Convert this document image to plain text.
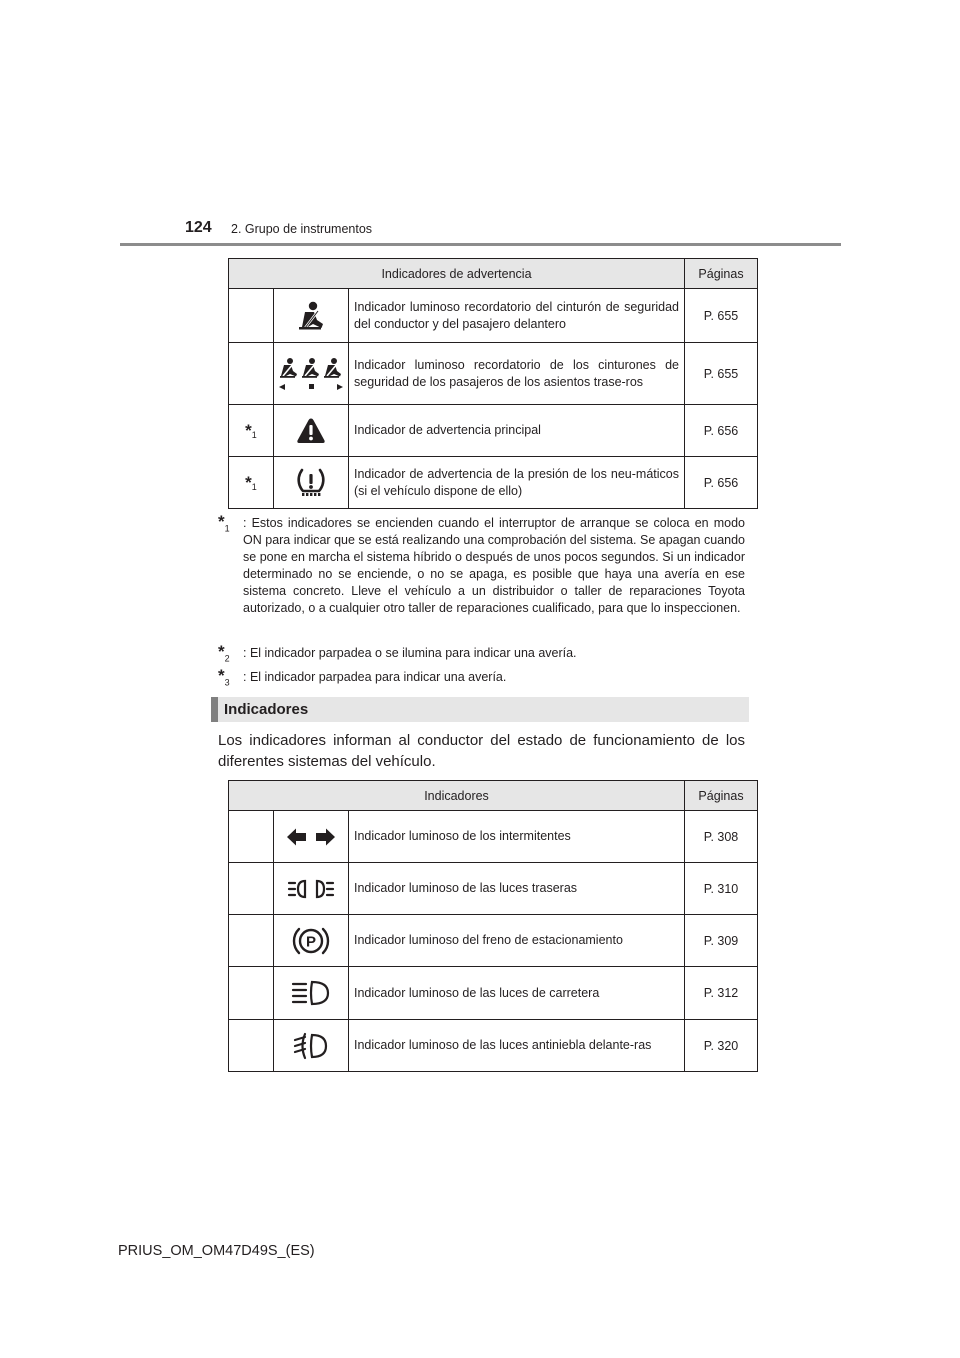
124 2. Grupo de instrumentos
Indicadores de advertencia			Páginas

	Indicador luminoso recordatorio del cinturón de seguridad del conductor y del pasajero delantero	P. 655

	Indicador luminoso recordatorio de los cinturones de seguridad de los pasajeros de los asientos trase-ros	P. 655
$*_1$		Indicador de advertencia principal	P. 656
$*_1$		Indicador de advertencia de la presión de los neu-máticos (si el vehículo dispone de ello)	P. 656
$*_1$	: Estos indicadores se encienden cuando el interruptor de arranque se coloca en modo ON para indicar que se está realizando una comprobación del sistema. Se apagan cuando se pone en marcha el sistema híbrido o después de unos pocos segundos. Si un indicador determinado no se enciende, o no se apaga, es posible que haya una avería en ese sistema concreto. Lleve el vehículo a un distribuidor o taller de reparaciones Toyota autorizado, o a cualquier otro taller de reparaciones cualificado, para que lo inspeccionen.
$*_2$	: El indicador parpadea o se ilumina para indicar una avería.
$*_3$	: El indicador parpadea para indicar una avería.
Indicadores
Los indicadores informan al conductor del estado de funcionamiento de los diferentes sistemas del vehículo.
Indicadores			Páginas

	Indicador luminoso de los intermitentes	P. 308

	Indicador luminoso de las luces traseras	P. 310

P	Indicador luminoso del freno de estacionamiento	P. 309

	Indicador luminoso de las luces de carretera	P. 312

	Indicador luminoso de las luces antiniebla delante-ras	P. 320
PRIUS_OM_OM47D49S_(ES)
